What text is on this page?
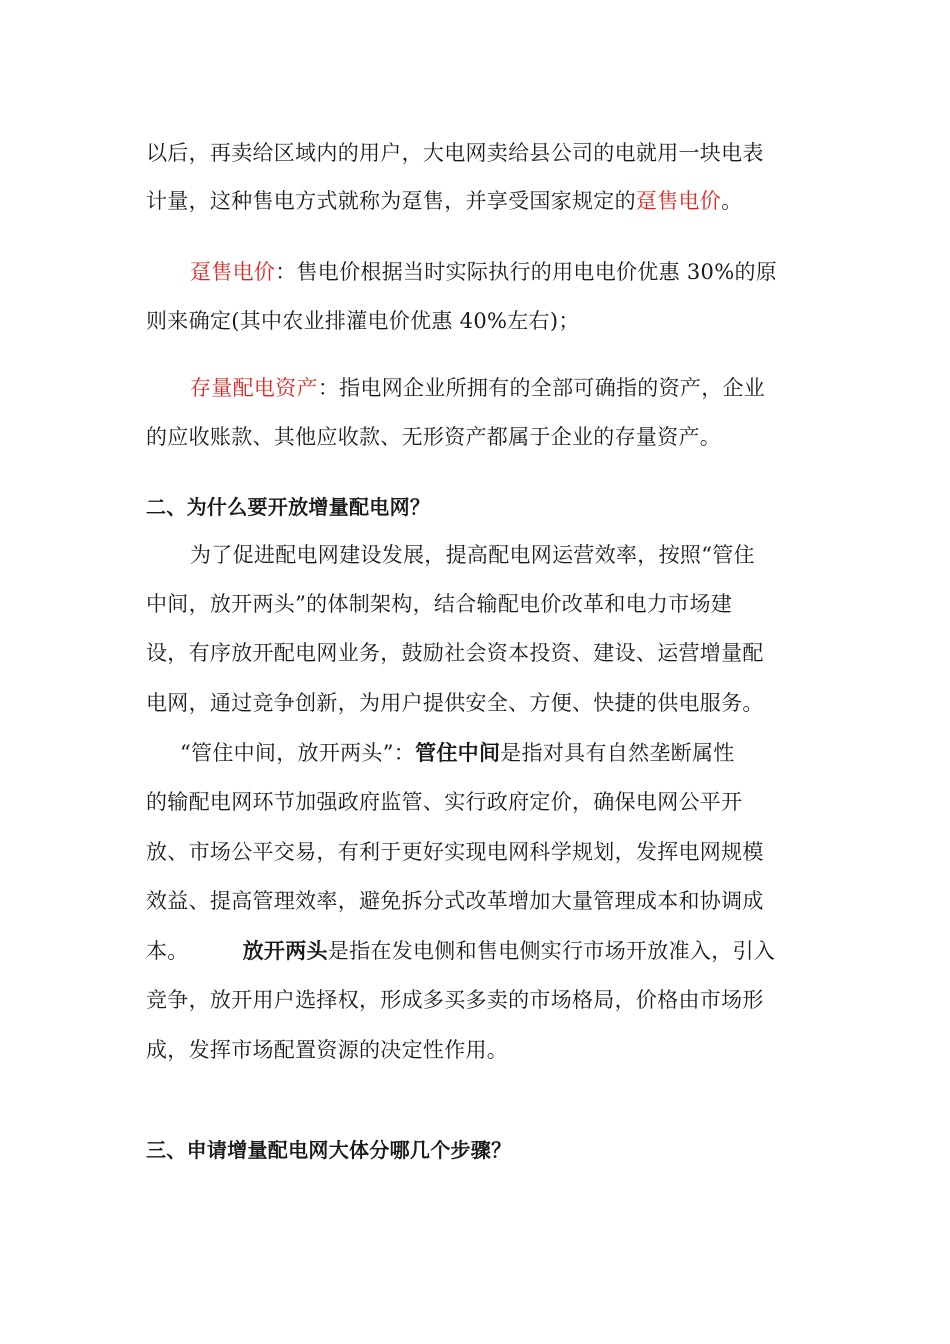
以后，再卖给区域内的用户，大电网卖给县公司的电就用一块电表
计量，这种售电方式就称为趸售，并享受国家规定的趸售电价。
趸售电价：售电价根据当时实际执行的用电电价优惠 30%的原
则来确定(其中农业排灌电价优惠 40%左右)；
存量配电资产：指电网企业所拥有的全部可确指的资产，企业
的应收账款、其他应收款、无形资产都属于企业的存量资产。
二、为什么要开放增量配电网？
为了促进配电网建设发展，提高配电网运营效率，按照“管住
中间，放开两头”的体制架构，结合输配电价改革和电力市场建
设，有序放开配电网业务，鼓励社会资本投资、建设、运营增量配
电网，通过竞争创新，为用户提供安全、方便、快捷的供电服务。
“管住中间，放开两头”：管住中间是指对具有自然垄断属性
的输配电网环节加强政府监管、实行政府定价，确保电网公平开
放、市场公平交易，有利于更好实现电网科学规划，发挥电网规模
效益、提高管理效率，避免拆分式改革增加大量管理成本和协调成
本。	放开两头是指在发电侧和售电侧实行市场开放准入，引入
竞争，放开用户选择权，形成多买多卖的市场格局，价格由市场形
成，发挥市场配置资源的决定性作用。
三、申请增量配电网大体分哪几个步骤？
